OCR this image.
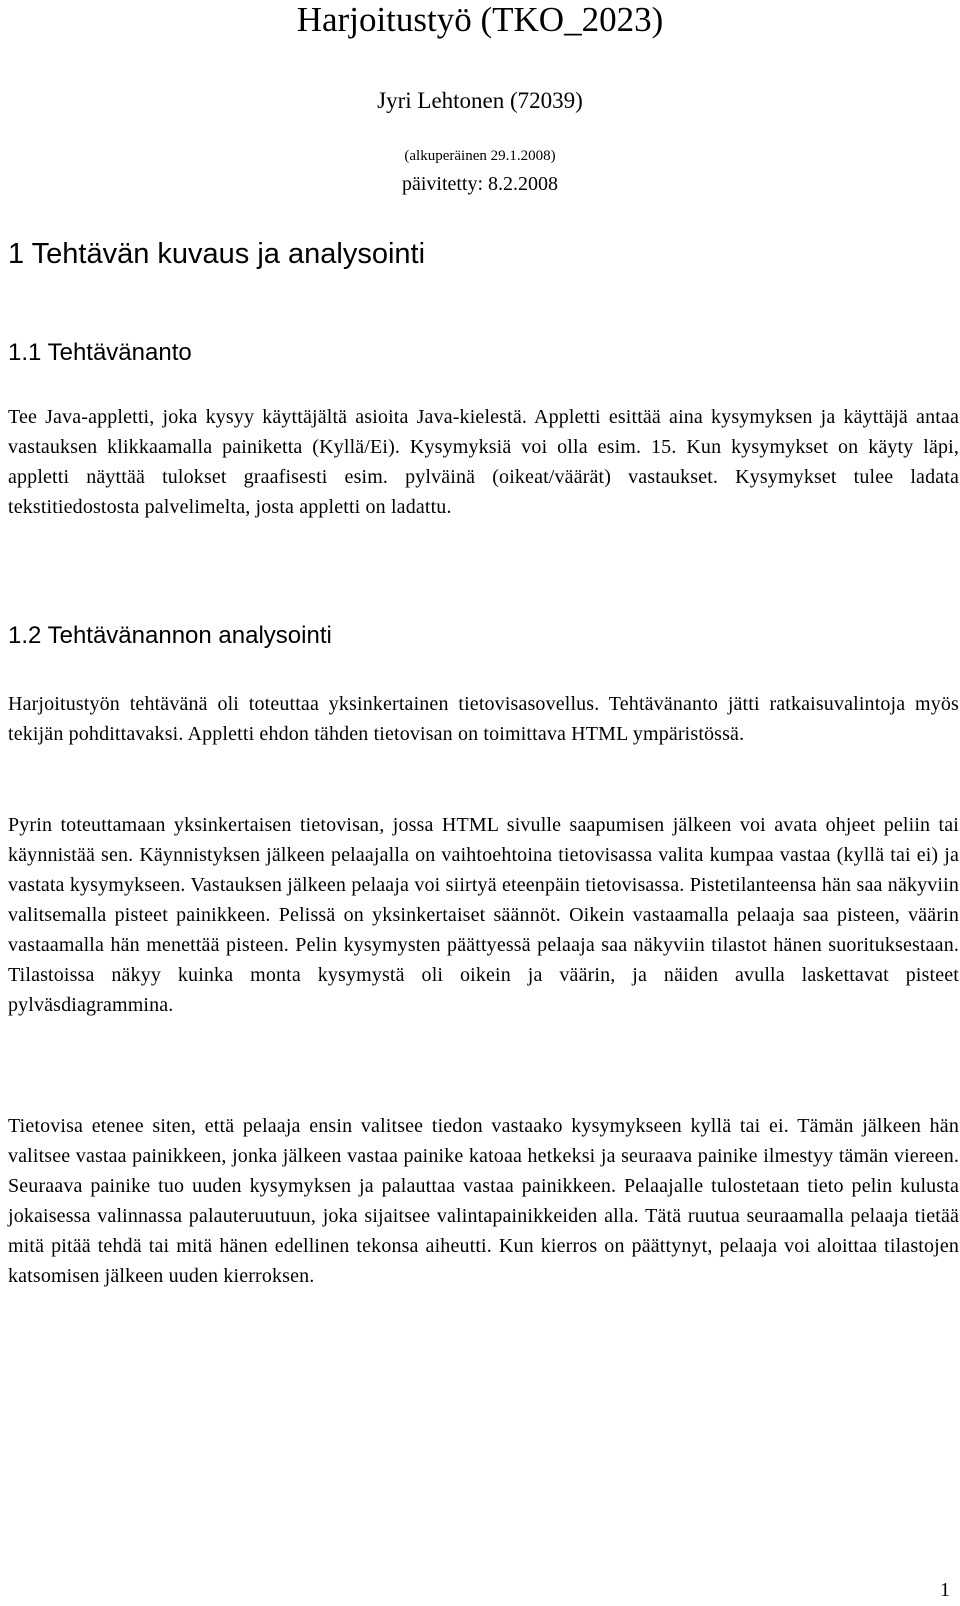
Harjoitustyö (TKO_2023)
Jyri Lehtonen (72039)
(alkuperäinen 29.1.2008)
päivitetty: 8.2.2008
1 Tehtävän kuvaus ja analysointi
1.1 Tehtävänanto
Tee Java-appletti, joka kysyy käyttäjältä asioita Java-kielestä. Appletti esittää aina kysymyksen ja käyttäjä antaa vastauksen klikkaamalla painiketta (Kyllä/Ei). Kysymyksiä voi olla esim. 15. Kun kysymykset on käyty läpi, appletti näyttää tulokset graafisesti esim. pylväinä (oikeat/väärät) vastaukset. Kysymykset tulee ladata tekstitiedostosta palvelimelta, josta appletti on ladattu.
1.2 Tehtävänannon analysointi
Harjoitustyön tehtävänä oli toteuttaa yksinkertainen tietovisasovellus. Tehtävänanto jätti ratkaisuvalintoja myös tekijän pohdittavaksi. Appletti ehdon tähden tietovisan on toimittava HTML ympäristössä.
Pyrin toteuttamaan yksinkertaisen tietovisan, jossa HTML sivulle saapumisen jälkeen voi avata ohjeet peliin tai käynnistää sen. Käynnistyksen jälkeen pelaajalla on vaihtoehtoina tietovisassa valita kumpaa vastaa (kyllä tai ei) ja vastata kysymykseen. Vastauksen jälkeen pelaaja voi siirtyä eteenpäin tietovisassa. Pistetilanteensa hän saa näkyviin valitsemalla pisteet painikkeen. Pelissä on yksinkertaiset säännöt. Oikein vastaamalla pelaaja saa pisteen, väärin vastaamalla hän menettää pisteen. Pelin kysymysten päättyessä pelaaja saa näkyviin tilastot hänen suorituksestaan. Tilastoissa näkyy kuinka monta kysymystä oli oikein ja väärin, ja näiden avulla laskettavat pisteet pylväsdiagrammina.
Tietovisa etenee siten, että pelaaja ensin valitsee tiedon vastaako kysymykseen kyllä tai ei. Tämän jälkeen hän valitsee vastaa painikkeen, jonka jälkeen vastaa painike katoaa hetkeksi ja seuraava painike ilmestyy tämän viereen. Seuraava painike tuo uuden kysymyksen ja palauttaa vastaa painikkeen. Pelaajalle tulostetaan tieto pelin kulusta jokaisessa valinnassa palauteruutuun, joka sijaitsee valintapainikkeiden alla. Tätä ruutua seuraamalla pelaaja tietää mitä pitää tehdä tai mitä hänen edellinen tekonsa aiheutti. Kun kierros on päättynyt, pelaaja voi aloittaa tilastojen katsomisen jälkeen uuden kierroksen.
1
